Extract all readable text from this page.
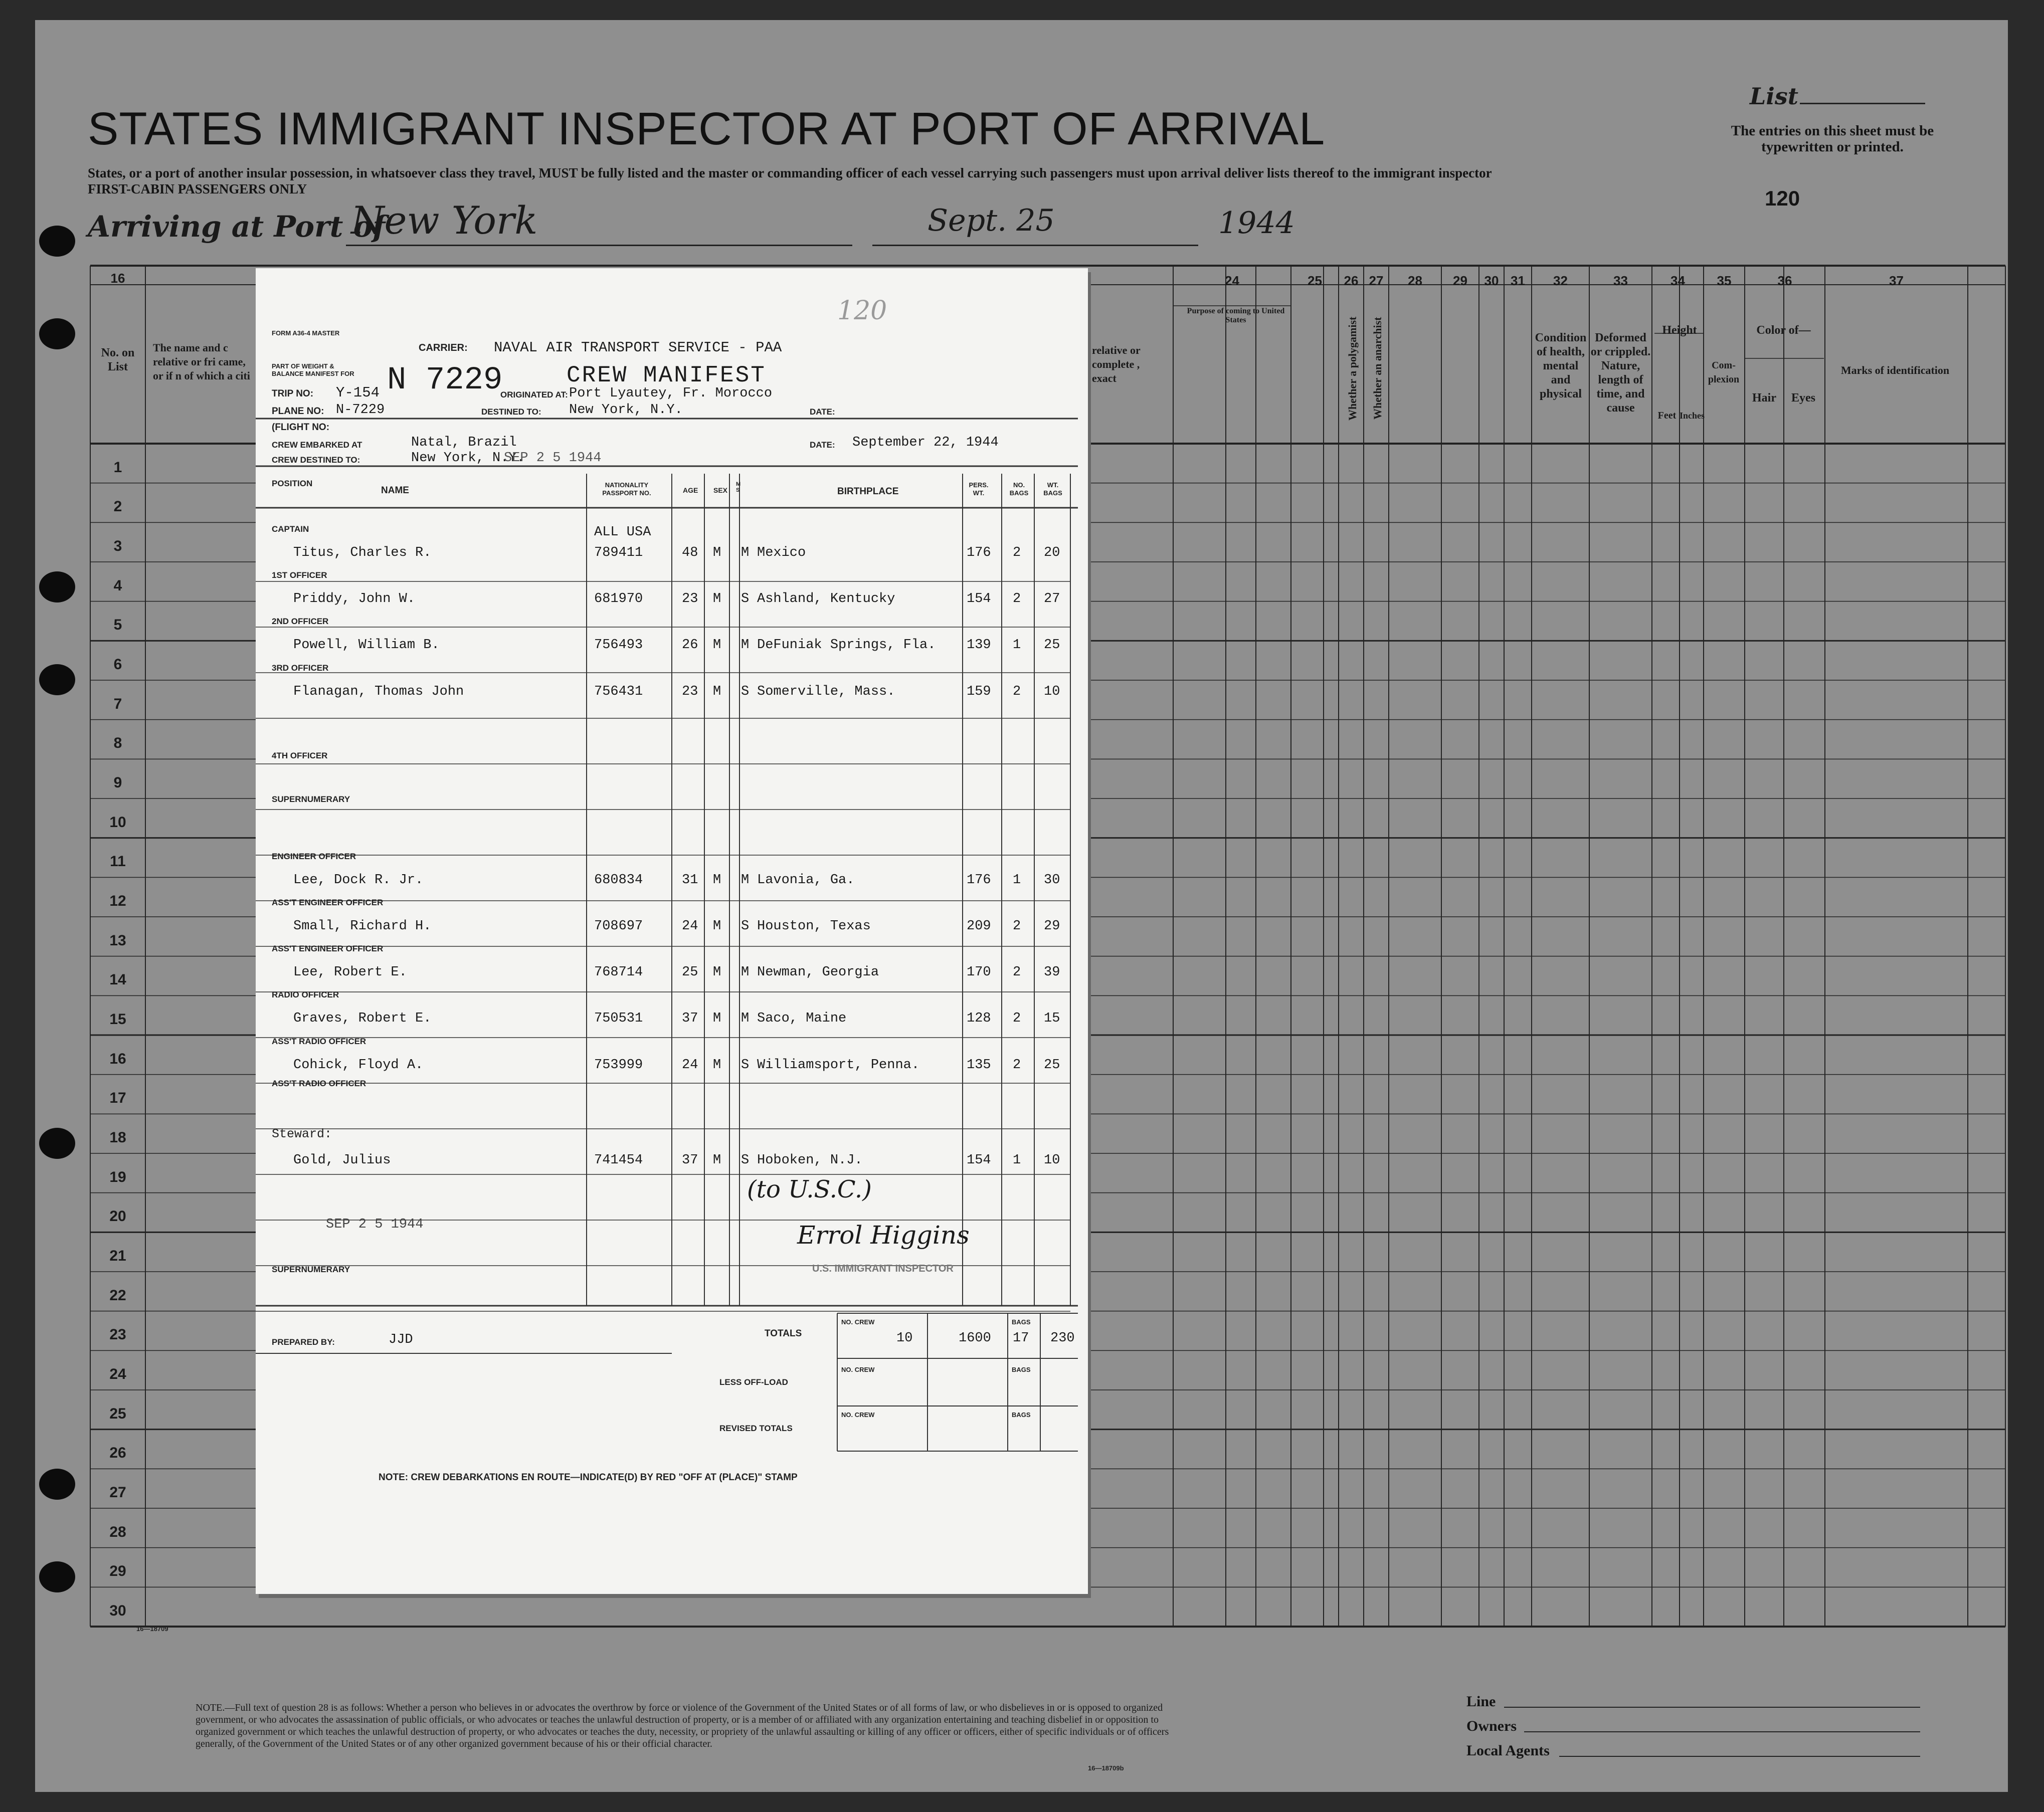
STATES IMMIGRANT INSPECTOR AT PORT OF ARRIVAL
States, or a port of another insular possession, in whatsoever class they travel, MUST be fully listed and the master or commanding officer of each vessel carrying such passengers must upon arrival deliver lists thereof to the immigrant inspector
FIRST-CABIN PASSENGERS ONLY
Arriving at Port of
New York	Sept. 25	1944
List
The entries on this sheet must be typewritten or printed.
120
16
No. on List
The name and c relative or fri came, or if n of which a citi
relative or complete , exact
24	25	26 27	28	29	30 31	32	33	34	35	36	37
Purpose of coming to United States	Whether a polygamist Whether an anarchist	Condition of health, mental and physical
Deformed or crippled. Nature, length of time, and cause
Height
Feet Inches
Com- plexion
Color of—
Hair	Eyes
Marks of identification
1
2
3
4
5
6
7
8
9
10
11
12
13
14
15
16
17
18
19
20
21
22
23
24
25
26
27
28
29
30
16—18709
FORM A36-4 MASTER
PART OF WEIGHT & BALANCE MANIFEST FOR
CARRIER: NAVAL AIR TRANSPORT SERVICE - PAA
120
TRIP NO: Y-154 N 7229	CREW MANIFEST
ORIGINATED AT: Port Lyautey, Fr. Morocco
PLANE NO: N-7229	DESTINED TO: New York, N.Y.	DATE:
(FLIGHT NO:
CREW EMBARKED AT	Natal, Brazil	DATE: September 22, 1944
CREW DESTINED TO:	New York, N.Y.
SEP 2 5 1944
POSITION
NAME
NATIONALITY PASSPORT NO.	AGE SEX
M S	BIRTHPLACE
PERS. WT.
NO. BAGS
WT. BAGS
ALL USA
CAPTAIN
Titus, Charles R.	789411	48 M M Mexico	176 2 20
1ST OFFICER
Priddy, John W.	681970	23 M S Ashland, Kentucky	154 2 27
2ND OFFICER
Powell, William B.	756493	26 M M DeFuniak Springs, Fla. 139 1 25
3RD OFFICER
Flanagan, Thomas John	756431	23 M S Somerville, Mass.	159 2 10
ENGINEER OFFICER
Lee, Dock R. Jr.	680834	31 M M Lavonia, Ga.	176 1 30
ASS'T ENGINEER OFFICER
Small, Richard H.	708697	24 M S Houston, Texas	209 2 29
ASS'T ENGINEER OFFICER
Lee, Robert E.	768714	25 M M Newman, Georgia	170 2 39
RADIO OFFICER
Graves, Robert E.	750531	37 M M Saco, Maine	128 2 15
ASS'T RADIO OFFICER
Cohick, Floyd A.	753999	24 M S Williamsport, Penna.	135 2 25
Steward:
Gold, Julius	741454	37 M S Hoboken, N.J.	154 1 10
4TH OFFICER
SUPERNUMERARY
ASS'T RADIO OFFICER
SUPERNUMERARY
SEP 2 5 1944
(to U.S.C.)
Errol Higgins
U.S. IMMIGRANT INSPECTOR
PREPARED BY:	JJD	TOTALS
LESS OFF-LOAD
REVISED TOTALS
NO. CREW
NO. CREW
NO. CREW
BAGS
BAGS
BAGS
10	1600 17 230
NOTE: CREW DEBARKATIONS EN ROUTE—INDICATE(D) BY RED "OFF AT (PLACE)" STAMP
NOTE.—Full text of question 28 is as follows: Whether a person who believes in or advocates the overthrow by force or violence of the Government of the United States or of all forms of law, or who disbelieves in or is opposed to organized government, or who advocates the assassination of public officials, or who advocates or teaches the unlawful destruction of property, or is a member of or affiliated with any organization entertaining and teaching disbelief in or opposition to organized government or which teaches the unlawful destruction of property, or who advocates or teaches the duty, necessity, or propriety of the unlawful assaulting or killing of any officer or officers, either of specific individuals or of officers generally, of the Government of the United States or of any other organized government because of his or their official character.
Line
Owners
Local Agents
16—18709b
